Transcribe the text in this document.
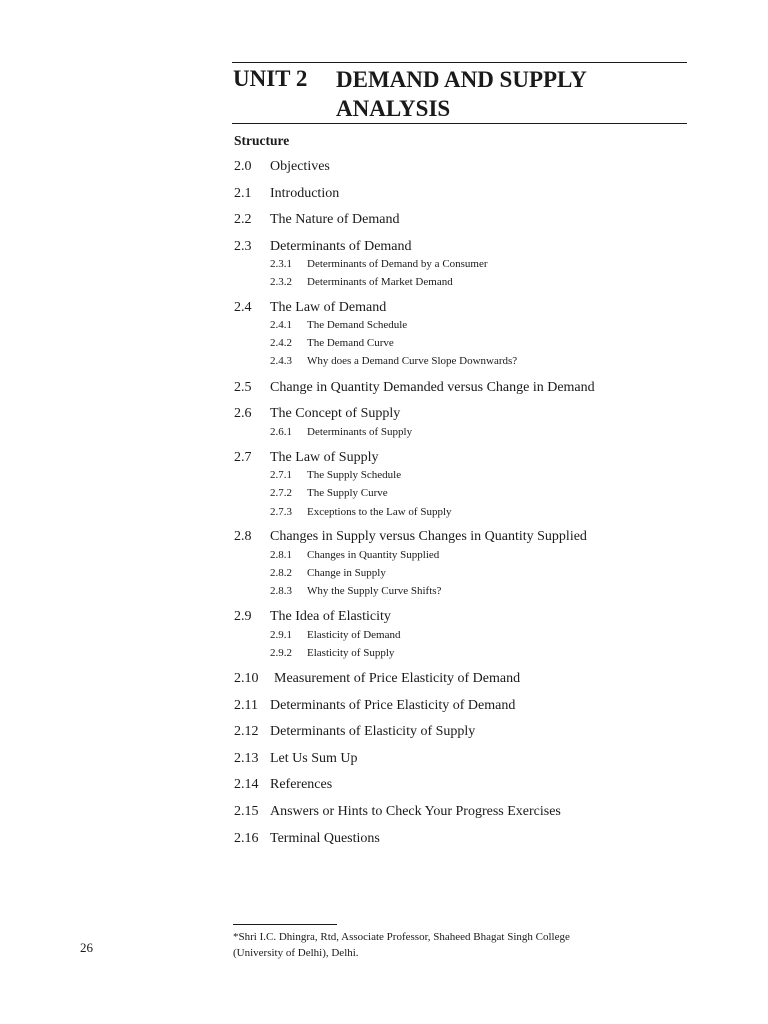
UNIT 2 DEMAND AND SUPPLY ANALYSIS
Structure
2.0 Objectives
2.1 Introduction
2.2 The Nature of Demand
2.3 Determinants of Demand
2.3.1 Determinants of Demand by a Consumer
2.3.2 Determinants of Market Demand
2.4 The Law of Demand
2.4.1 The Demand Schedule
2.4.2 The Demand Curve
2.4.3 Why does a Demand Curve Slope Downwards?
2.5 Change in Quantity Demanded versus Change in Demand
2.6 The Concept of Supply
2.6.1 Determinants of Supply
2.7 The Law of Supply
2.7.1 The Supply Schedule
2.7.2 The Supply Curve
2.7.3 Exceptions to the Law of Supply
2.8 Changes in Supply versus Changes in Quantity Supplied
2.8.1 Changes in Quantity Supplied
2.8.2 Change in Supply
2.8.3 Why the Supply Curve Shifts?
2.9 The Idea of Elasticity
2.9.1 Elasticity of Demand
2.9.2 Elasticity of Supply
2.10 Measurement of Price Elasticity of Demand
2.11 Determinants of Price Elasticity of Demand
2.12 Determinants of Elasticity of Supply
2.13 Let Us Sum Up
2.14 References
2.15 Answers or Hints to Check Your Progress Exercises
2.16 Terminal Questions
26
*Shri I.C. Dhingra, Rtd, Associate Professor, Shaheed Bhagat Singh College (University of Delhi), Delhi.
